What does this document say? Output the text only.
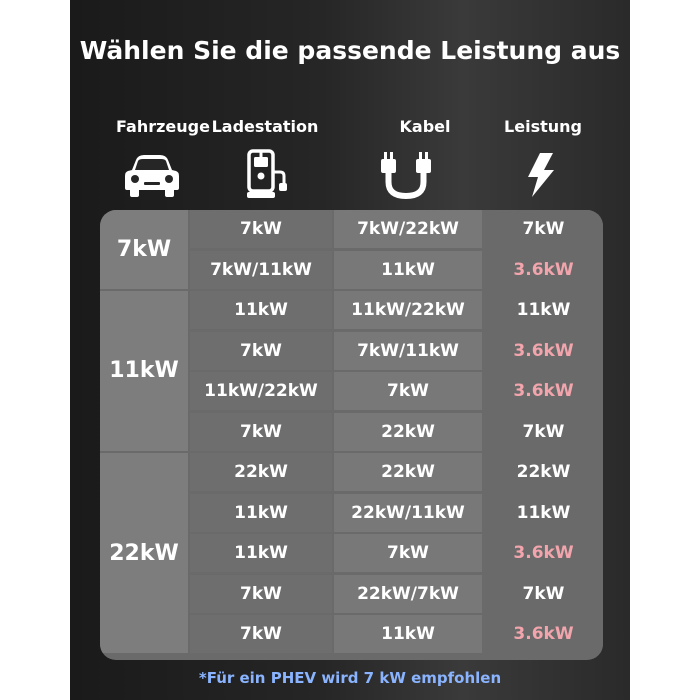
Wählen Sie die passende Leistung aus
Fahrzeuge Ladestation	Kabel	Leistung
7kW
7kW	7kW/22kW	7kW
7kW/11kW	11kW	3.6kW
11kW
11kW	11kW/22kW	11kW
7kW	7kW/11kW	3.6kW
11kW/22kW	7kW	3.6kW
7kW	22kW	7kW
22kW
22kW	22kW	22kW
11kW	22kW/11kW	11kW
11kW	7kW	3.6kW
7kW	22kW/7kW	7kW
7kW	11kW	3.6kW
*Für ein PHEV wird 7 kW empfohlen
